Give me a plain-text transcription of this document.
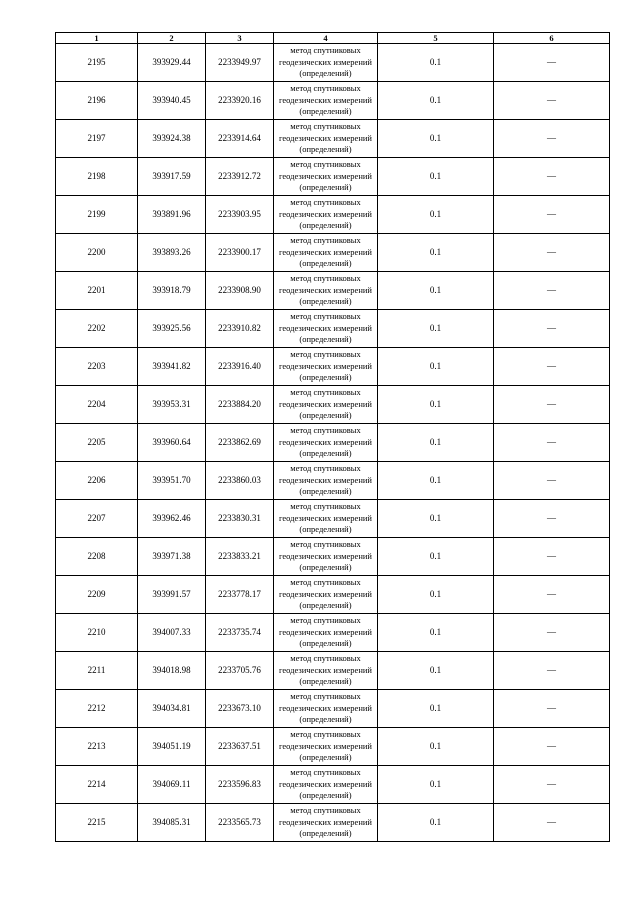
1	2	3	4	5	6
2195	393929.44	2233949.97	метод спутниковых геодезических измерений (определений)	0.1	—
2196	393940.45	2233920.16	метод спутниковых геодезических измерений (определений)	0.1	—
2197	393924.38	2233914.64	метод спутниковых геодезических измерений (определений)	0.1	—
2198	393917.59	2233912.72	метод спутниковых геодезических измерений (определений)	0.1	—
2199	393891.96	2233903.95	метод спутниковых геодезических измерений (определений)	0.1	—
2200	393893.26	2233900.17	метод спутниковых геодезических измерений (определений)	0.1	—
2201	393918.79	2233908.90	метод спутниковых геодезических измерений (определений)	0.1	—
2202	393925.56	2233910.82	метод спутниковых геодезических измерений (определений)	0.1	—
2203	393941.82	2233916.40	метод спутниковых геодезических измерений (определений)	0.1	—
2204	393953.31	2233884.20	метод спутниковых геодезических измерений (определений)	0.1	—
2205	393960.64	2233862.69	метод спутниковых геодезических измерений (определений)	0.1	—
2206	393951.70	2233860.03	метод спутниковых геодезических измерений (определений)	0.1	—
2207	393962.46	2233830.31	метод спутниковых геодезических измерений (определений)	0.1	—
2208	393971.38	2233833.21	метод спутниковых геодезических измерений (определений)	0.1	—
2209	393991.57	2233778.17	метод спутниковых геодезических измерений (определений)	0.1	—
2210	394007.33	2233735.74	метод спутниковых геодезических измерений (определений)	0.1	—
2211	394018.98	2233705.76	метод спутниковых геодезических измерений (определений)	0.1	—
2212	394034.81	2233673.10	метод спутниковых геодезических измерений (определений)	0.1	—
2213	394051.19	2233637.51	метод спутниковых геодезических измерений (определений)	0.1	—
2214	394069.11	2233596.83	метод спутниковых геодезических измерений (определений)	0.1	—
2215	394085.31	2233565.73	метод спутниковых геодезических измерений (определений)	0.1	—
